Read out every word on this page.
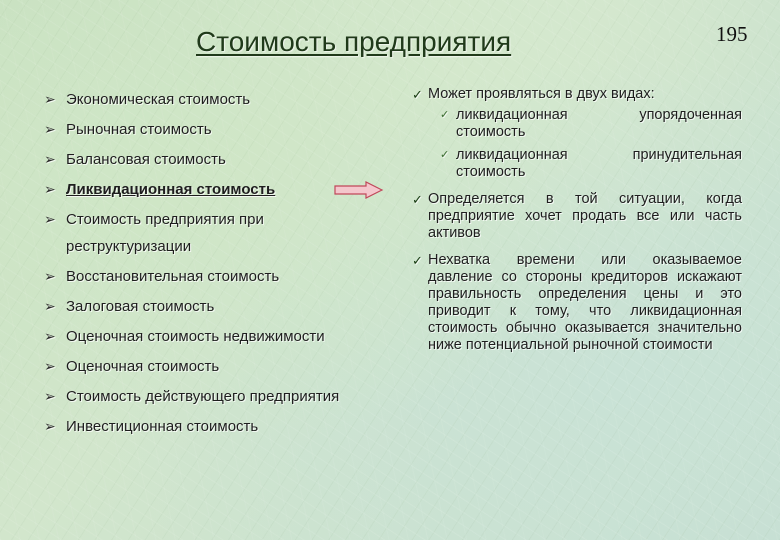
Стоимость предприятия	195
➢ Экономическая стоимость
➢ Рыночная стоимость
➢ Балансовая стоимость
➢ Ликвидационная стоимость
➢ Стоимость предприятия при реструктуризации
➢ Восстановительная стоимость
➢ Залоговая стоимость
➢ Оценочная стоимость недвижимости
➢ Оценочная стоимость
➢ Стоимость действующего предприятия
➢ Инвестиционная стоимость
✓ Может проявляться в двух видах:
✓ ликвидационная упорядоченная стоимость
✓ ликвидационная принудительная стоимость
✓ Определяется в той ситуации, когда предприятие хочет продать все или часть активов
✓ Нехватка времени или оказываемое давление со стороны кредиторов искажают правильность определения цены и это приводит к тому, что ликвидационная стоимость обычно оказывается значительно ниже потенциальной рыночной стоимости
